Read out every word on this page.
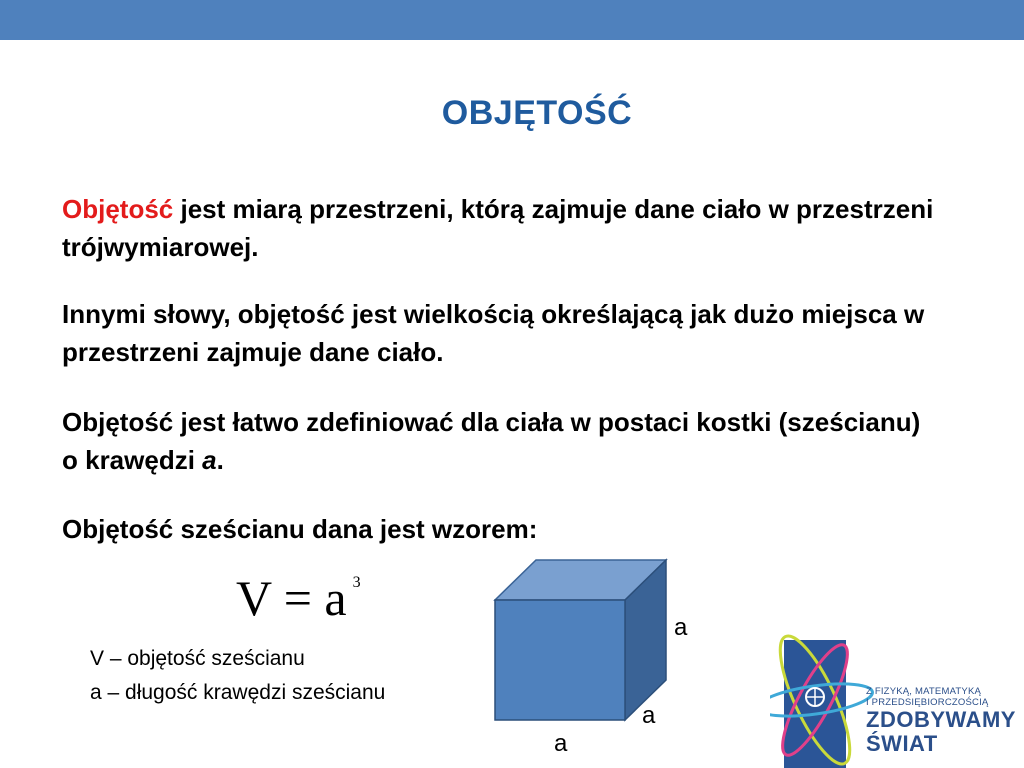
OBJĘTOŚĆ
Objętość jest miarą przestrzeni, którą zajmuje dane ciało w przestrzeni trójwymiarowej.
Innymi słowy, objętość jest wielkością określającą jak dużo miejsca w przestrzeni zajmuje dane ciało.
Objętość jest łatwo zdefiniować dla ciała w postaci kostki (sześcianu) o krawędzi a.
Objętość sześcianu dana jest wzorem:
V = a $^3$
V – objętość sześcianu
a – długość krawędzi sześcianu
a
a
a
Z FIZYKĄ, MATEMATYKĄ
I PRZEDSIĘBIORCZOŚCIĄ
ZDOBYWAMY
ŚWIAT
